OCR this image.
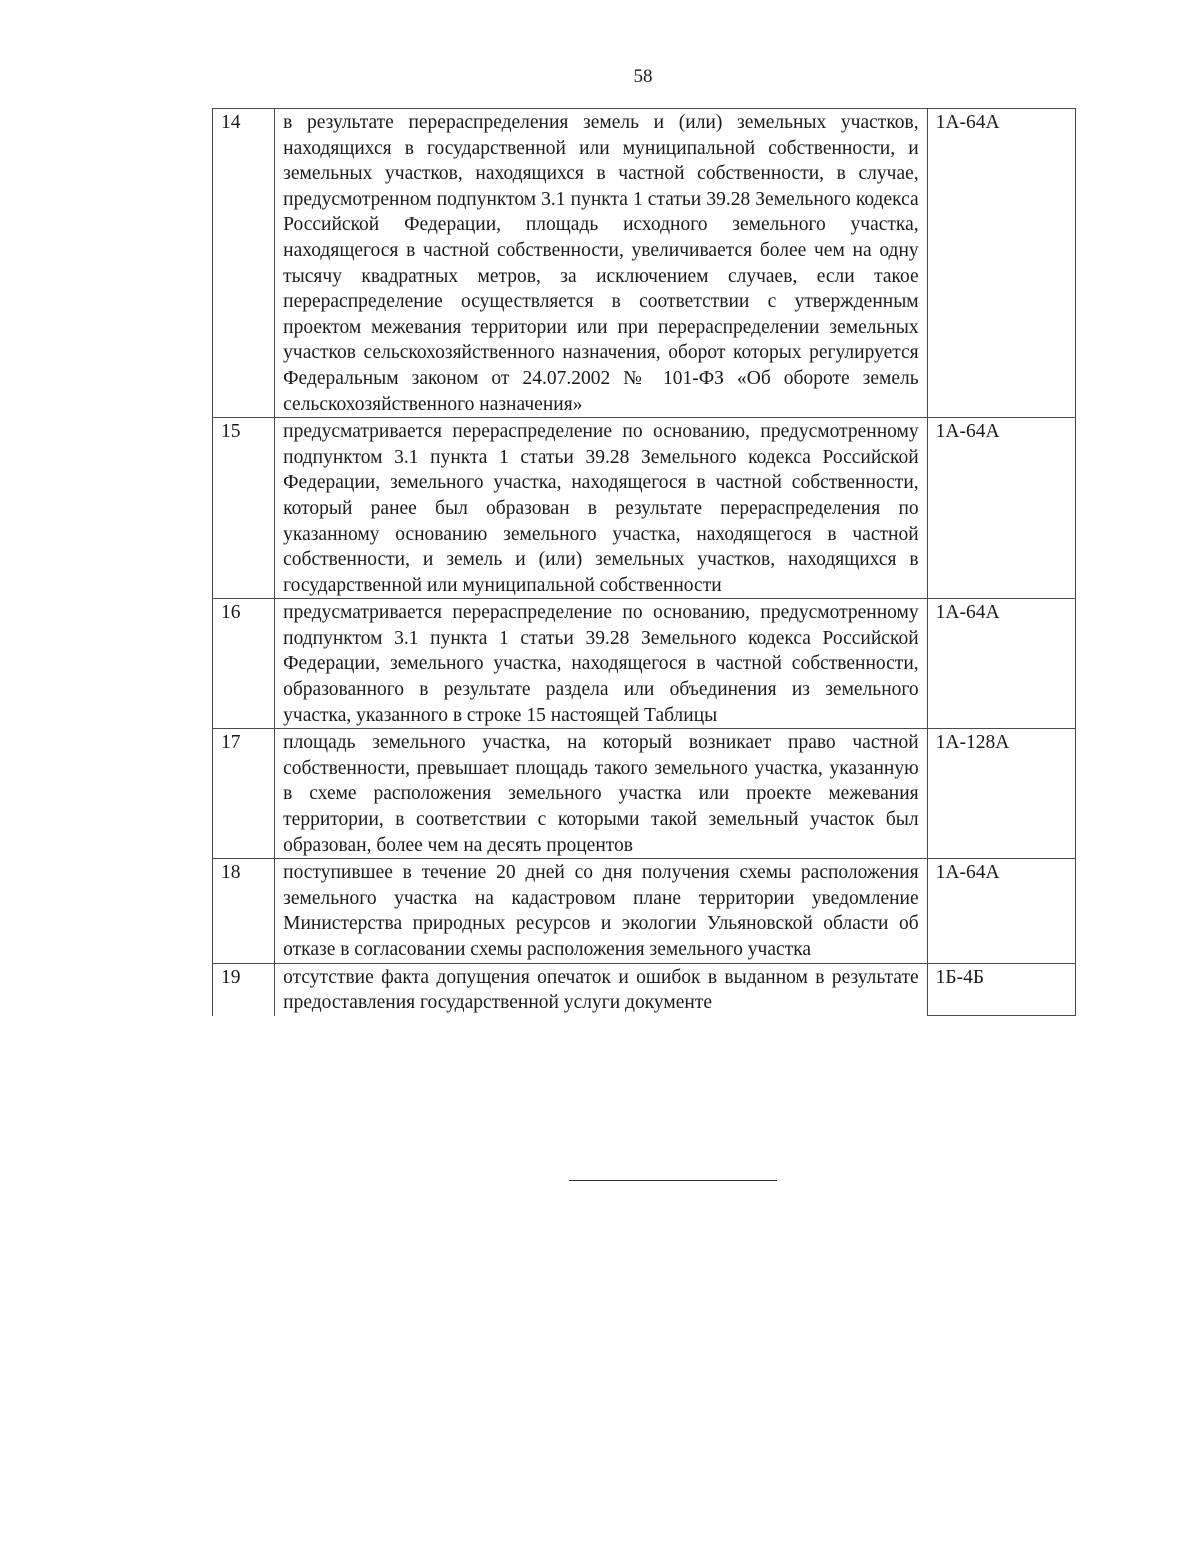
58
14	в результате перераспределения земель и (или) земельных участков, находящихся в государственной или муниципальной собственности, и земельных участков, находящихся в частной собственности, в случае, предусмотренном подпунктом 3.1 пункта 1 статьи 39.28 Земельного кодекса Российской Федерации, площадь исходного земельного участка, находящегося в частной собственности, увеличивается более чем на одну тысячу квадратных метров, за исключением случаев, если такое перераспределение осуществляется в соответствии с утвержденным проектом межевания территории или при перераспределении земельных участков сельскохозяйственного назначения, оборот которых регулируется Федеральным законом от 24.07.2002 № 101-ФЗ «Об обороте земель сельскохозяйственного назначения»	1А-64А
15	предусматривается перераспределение по основанию, предусмотренному подпунктом 3.1 пункта 1 статьи 39.28 Земельного кодекса Российской Федерации, земельного участка, находящегося в частной собственности, который ранее был образован в результате перераспределения по указанному основанию земельного участка, находящегося в частной собственности, и земель и (или) земельных участков, находящихся в государственной или муниципальной собственности	1А-64А
16	предусматривается перераспределение по основанию, предусмотренному подпунктом 3.1 пункта 1 статьи 39.28 Земельного кодекса Российской Федерации, земельного участка, находящегося в частной собственности, образованного в результате раздела или объединения из земельного участка, указанного в строке 15 настоящей Таблицы	1А-64А
17	площадь земельного участка, на который возникает право частной собственности, превышает площадь такого земельного участка, указанную в схеме расположения земельного участка или проекте межевания территории, в соответствии с которыми такой земельный участок был образован, более чем на десять процентов	1А-128А
18	поступившее в течение 20 дней со дня получения схемы расположения земельного участка на кадастровом плане территории уведомление Министерства природных ресурсов и экологии Ульяновской области об отказе в согласовании схемы расположения земельного участка	1А-64А
19	отсутствие факта допущения опечаток и ошибок в выданном в результате предоставления государственной услуги документе	1Б-4Б
